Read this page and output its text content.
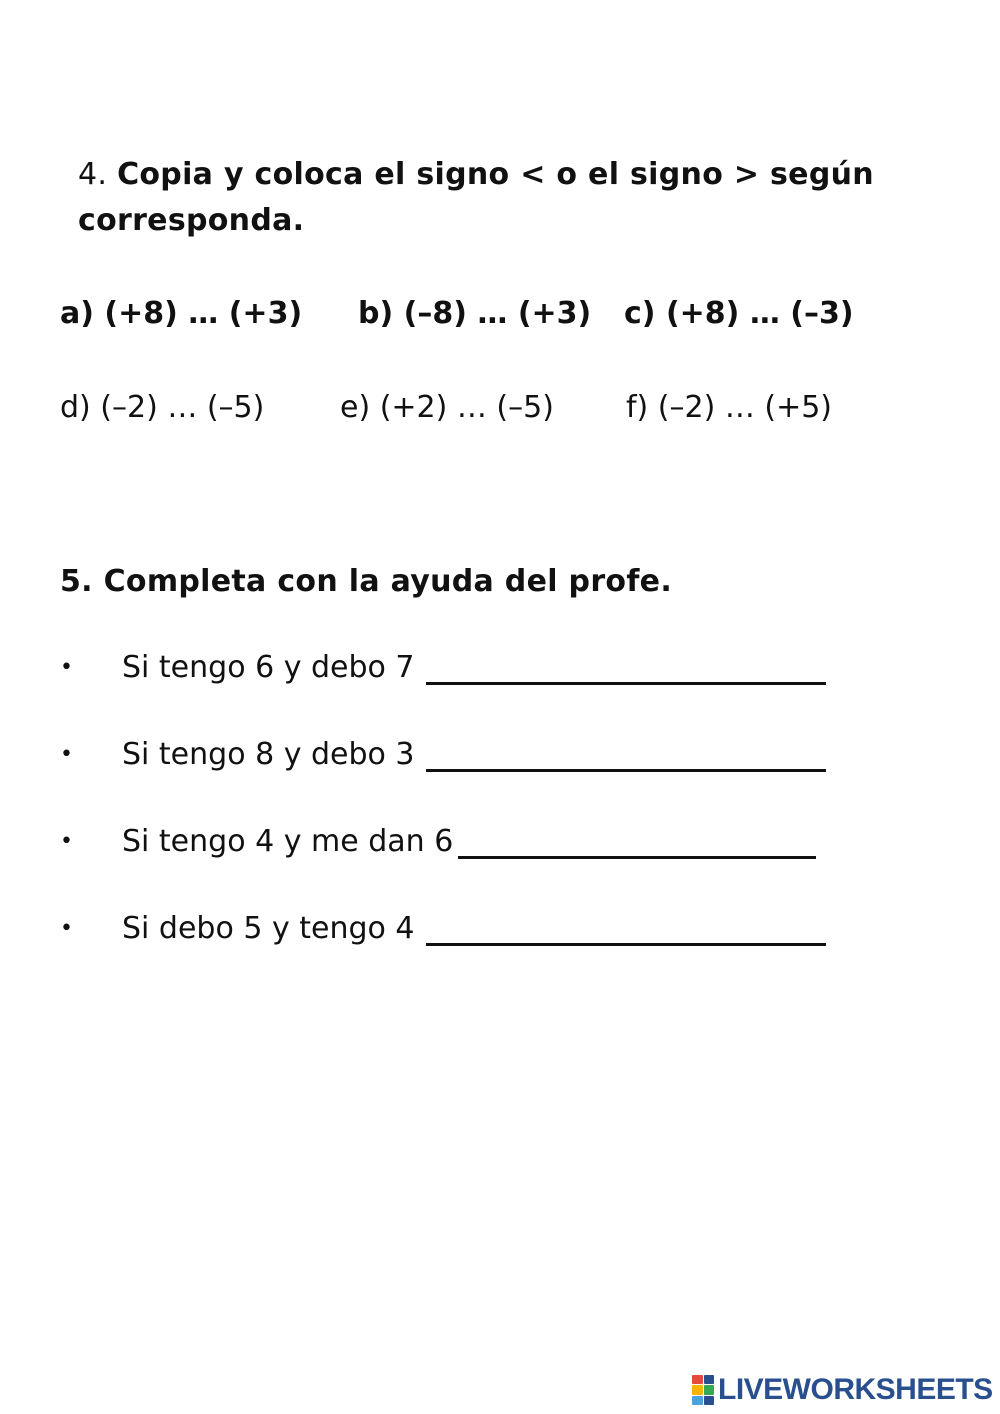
4. Copia y coloca el signo < o el signo > según corresponda.
a) (+8) … (+3) b) (–8) … (+3) c) (+8) … (–3)
d) (–2) … (–5)	e) (+2) … (–5) f) (–2) … (+5)
5. Completa con la ayuda del profe.
• Si tengo 6 y debo 7
• Si tengo 8 y debo 3
• Si tengo 4 y me dan 6
• Si debo 5 y tengo 4
LIVEWORKSHEETS
